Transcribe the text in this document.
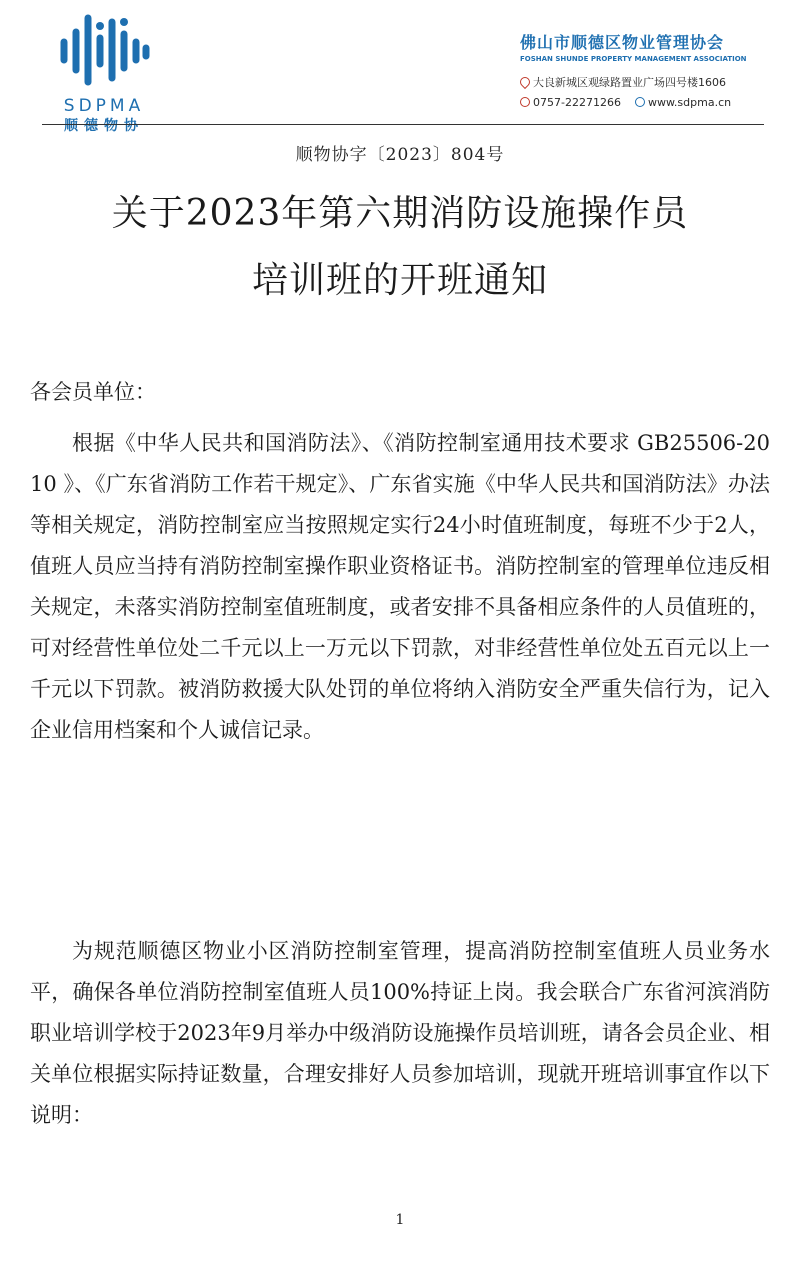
SDPMA
顺德物协
佛山市顺德区物业管理协会
FOSHAN SHUNDE PROPERTY MANAGEMENT ASSOCIATION
大良新城区观绿路置业广场四号楼1606
0757-22271266 www.sdpma.cn
顺物协字〔2023〕804号
关于2023年第六期消防设施操作员
培训班的开班通知
各会员单位：

根据《中华人民共和国消防法》、《消防控制室通用技术要求 GB25506-2010 》、《广东省消防工作若干规定》、广东省实施《中华人民共和国消防法》办法等相关规定，消防控制室应当按照规定实行24小时值班制度，每班不少于2人，值班人员应当持有消防控制室操作职业资格证书。消防控制室的管理单位违反相关规定，未落实消防控制室值班制度，或者安排不具备相应条件的人员值班的，可对经营性单位处二千元以上一万元以下罚款，对非经营性单位处五百元以上一千元以下罚款。被消防救援大队处罚的单位将纳入消防安全严重失信行为，记入企业信用档案和个人诚信记录。

为规范顺德区物业小区消防控制室管理，提高消防控制室值班人员业务水平，确保各单位消防控制室值班人员100%持证上岗。我会联合广东省河滨消防职业培训学校于2023年9月举办中级消防设施操作员培训班，请各会员企业、相关单位根据实际持证数量，合理安排好人员参加培训，现就开班培训事宜作以下说明：

1
